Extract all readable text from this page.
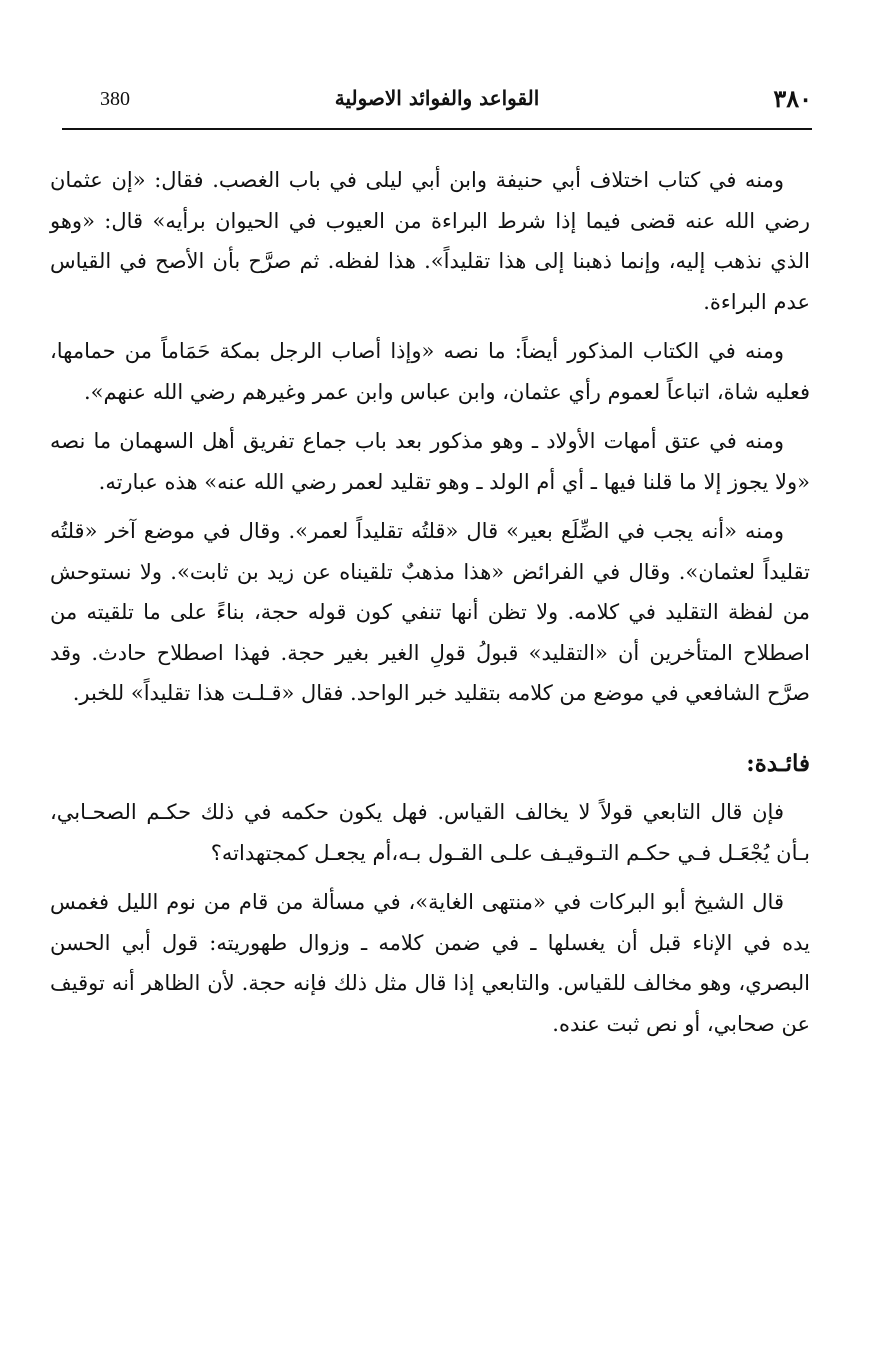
٣٨٠
القواعد والفوائد الاصولية
380

ومنه في كتاب اختلاف أبي حنيفة وابن أبي ليلى في باب الغصب. فقال: «إن عثمان رضي الله عنه قضى فيما إذا شرط البراءة من العيوب في الحيوان برأيه» قال: «وهو الذي نذهب إليه، وإنما ذهبنا إلى هذا تقليداً». هذا لفظه. ثم صرَّح بأن الأصح في القياس عدم البراءة.

ومنه في الكتاب المذكور أيضاً: ما نصه «وإذا أصاب الرجل بمكة حَمَاماً من حمامها، فعليه شاة، اتباعاً لعموم رأي عثمان، وابن عباس وابن عمر وغيرهم رضي الله عنهم».

ومنه في عتق أمهات الأولاد ـ وهو مذكور بعد باب جماع تفريق أهل السهمان ما نصه «ولا يجوز إلا ما قلنا فيها ـ أي أم الولد ـ وهو تقليد لعمر رضي الله عنه» هذه عبارته.

ومنه «أنه يجب في الضِّلَع بعير» قال «قلتُه تقليداً لعمر». وقال في موضع آخر «قلتُه تقليداً لعثمان». وقال في الفرائض «هذا مذهبٌ تلقيناه عن زيد بن ثابت». ولا نستوحش من لفظة التقليد في كلامه. ولا تظن أنها تنفي كون قوله حجة، بناءً على ما تلقيته من اصطلاح المتأخرين أن «التقليد» قبولُ قولِ الغير بغير حجة. فهذا اصطلاح حادث. وقد صرَّح الشافعي في موضع من كلامه بتقليد خبر الواحد. فقال «قـلـت هذا تقليداً» للخبر.

فائـدة:

فإن قال التابعي قولاً لا يخالف القياس. فهل يكون حكمه في ذلك حكـم الصحـابي، بـأن يُجْعَـل فـي حكـم التـوقيـف علـى القـول بـه،أم يجعـل كمجتهداته؟

قال الشيخ أبو البركات في «منتهى الغاية»، في مسألة من قام من نوم الليل فغمس يده في الإناء قبل أن يغسلها ـ في ضمن كلامه ـ وزوال طهوريته: قول أبي الحسن البصري، وهو مخالف للقياس. والتابعي إذا قال مثل ذلك فإنه حجة. لأن الظاهر أنه توقيف عن صحابي، أو نص ثبت عنده.
